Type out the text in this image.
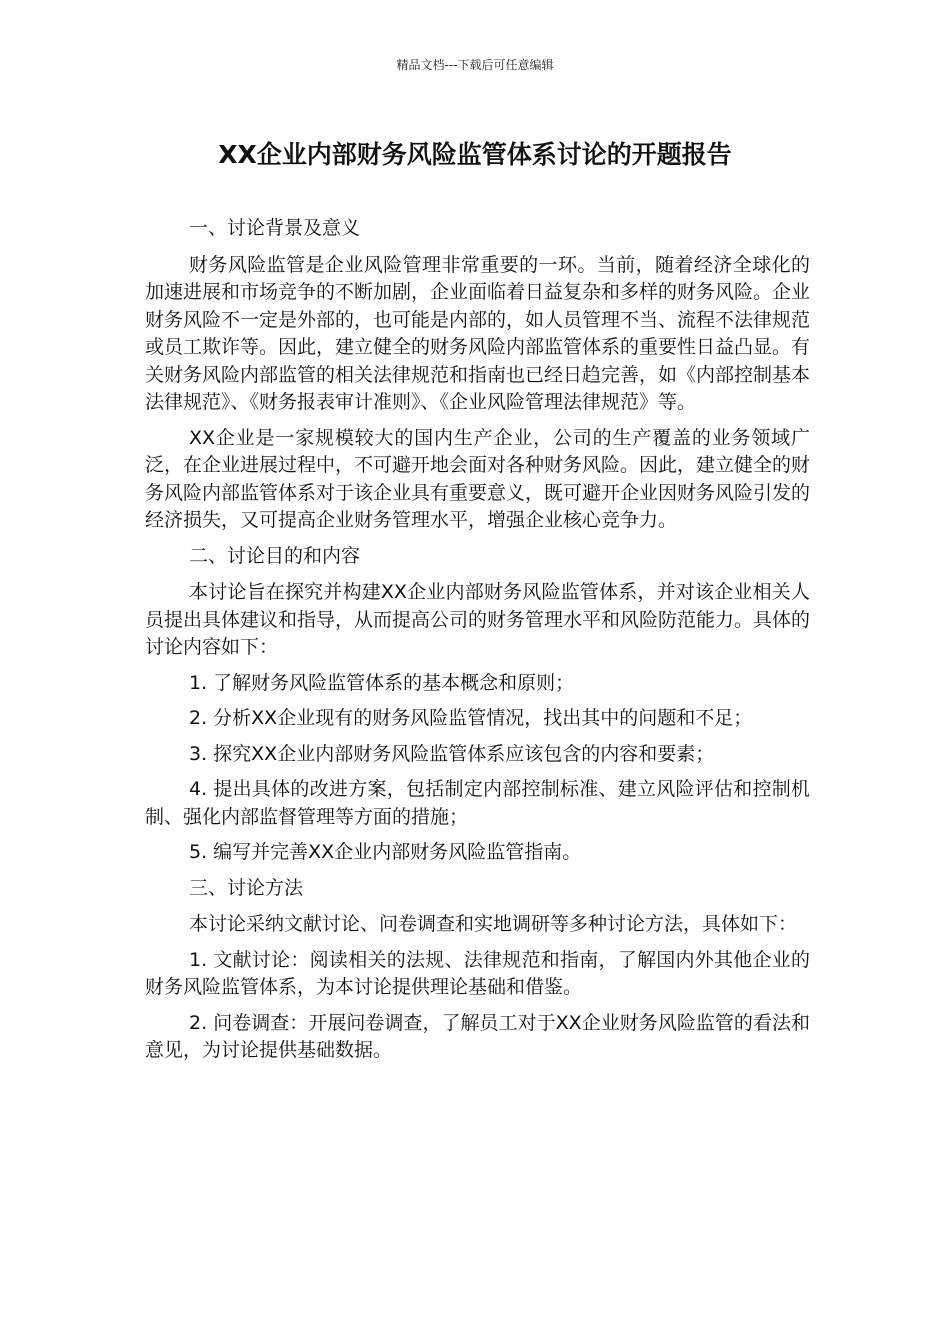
精品文档---下载后可任意编辑
XX企业内部财务风险监管体系讨论的开题报告

一、讨论背景及意义

财务风险监管是企业风险管理非常重要的一环。当前，随着经济全球化的加速进展和市场竞争的不断加剧，企业面临着日益复杂和多样的财务风险。企业财务风险不一定是外部的，也可能是内部的，如人员管理不当、流程不法律规范或员工欺诈等。因此，建立健全的财务风险内部监管体系的重要性日益凸显。有关财务风险内部监管的相关法律规范和指南也已经日趋完善，如《内部控制基本法律规范》、《财务报表审计准则》、《企业风险管理法律规范》等。

XX企业是一家规模较大的国内生产企业，公司的生产覆盖的业务领域广泛，在企业进展过程中，不可避开地会面对各种财务风险。因此，建立健全的财务风险内部监管体系对于该企业具有重要意义，既可避开企业因财务风险引发的经济损失，又可提高企业财务管理水平，增强企业核心竞争力。

二、讨论目的和内容

本讨论旨在探究并构建XX企业内部财务风险监管体系，并对该企业相关人员提出具体建议和指导，从而提高公司的财务管理水平和风险防范能力。具体的讨论内容如下：

1. 了解财务风险监管体系的基本概念和原则；

2. 分析XX企业现有的财务风险监管情况，找出其中的问题和不足；

3. 探究XX企业内部财务风险监管体系应该包含的内容和要素；

4. 提出具体的改进方案，包括制定内部控制标准、建立风险评估和控制机制、强化内部监督管理等方面的措施；

5. 编写并完善XX企业内部财务风险监管指南。

三、讨论方法

本讨论采纳文献讨论、问卷调查和实地调研等多种讨论方法，具体如下：

1. 文献讨论：阅读相关的法规、法律规范和指南，了解国内外其他企业的财务风险监管体系，为本讨论提供理论基础和借鉴。

2. 问卷调查：开展问卷调查，了解员工对于XX企业财务风险监管的看法和意见，为讨论提供基础数据。
